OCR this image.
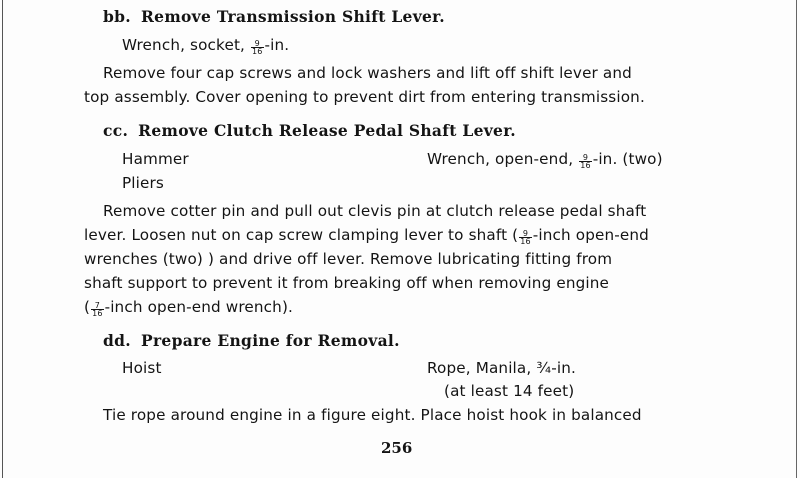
bb. Remove Transmission Shift Lever.
Wrench, socket, $\frac{9}{16} -in$.
Remove four cap screws and lock washers and lift off shift lever and
top assembly. Cover opening to prevent dirt from entering transmission.
cc. Remove Clutch Release Pedal Shaft Lever.
Hammer	Wrench, open-end, $\frac{9}{16} -in$. (two)
Pliers
Remove cotter pin and pull out clevis pin at clutch release pedal shaft
lever. Loosen nut on cap screw clamping lever to shaft ( $\frac{9}{16}$ -inch open-end
wrenches (two) ) and drive off lever. Remove lubricating fitting from
shaft support to prevent it from breaking off when removing engine
( $\frac{7}{16}$ -inch open-end wrench).
dd. Prepare Engine for Removal.
Hoist	Rope, Manila, ¾-in.
(at least 14 feet)
Tie rope around engine in a figure eight. Place hoist hook in balanced
256
